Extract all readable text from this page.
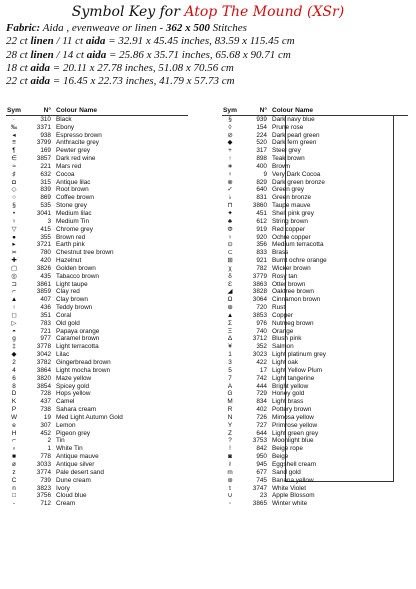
Symbol Key for Atop The Mound (XSr)
Fabric: Aida , evenweave or linen - 362 x 500 Stitches
22 ct linen / 11 ct aida = 32.91 x 45.45 inches, 83.59 x 115.45 cm
28 ct linen / 14 ct aida = 25.86 x 35.71 inches, 65.68 x 90.71 cm
18 ct aida = 20.11 x 27.78 inches, 51.08 x 70.56 cm
22 ct aida = 16.45 x 22.73 inches, 41.79 x 57.73 cm
Sym	N° Colour Name
·	310 Black
‰	3371 Ebony
◂	938 Espresso brown
≡	3799 Anthracite grey
¶	169 Pewter grey
∈	3857 Dark red wine
≈	221 Mars red
♯	632 Cocoa
◘	315 Antique lilac
◇	839 Root brown
○	869 Coffee brown
§	535 Stone grey
•	3041 Medium lilac
♀	3 Medium Tin
▽	415 Chrome grey
●	355 Brown red
▸	3721 Earth pink
≍	780 Chestnut tree brown
✚	420 Hazelnut
▢	3826 Golden brown
◎	435 Tabacco brown
⊐	3861 Light taupe
⌐	3859 Clay red
▲	407 Clay brown
↑	436 Teddy brown
◻	351 Coral
▷	783 Old gold
◓	721 Papaya orange
g	977 Caramel brown
‡	3778 Light terracotta
◆	3042 Lilac
2	3782 Gingerbread brown
4	3864 Light mocha brown
6	3820 Maze yellow
8	3854 Spicey gold
D	728 Hops yellow
K	437 Camel
P	738 Sahara cream
W	19 Med Light Autumn Gold
e	307 Lemon
H	452 Pigeon grey
⌐	2 Tin
⸗	1 White Tin
■	778 Antique mauve
ø	3033 Antique silver
z	3774 Pale desert sand
C	739 Dune cream
n	3823 Ivory
□	3756 Cloud blue
-	712 Cream
Sym	N° Colour Name
§	939 Dark navy blue
◊	154 Prune rose
⊘	224 Dark pearl green
◆	520 Dark fern green
+	317 Steel grey
↑	898 Teak brown
∗	400 Brown
♀	9 Very Dark Cocoa
⊗	829 Dark green bronze
✓	640 Green grey
♭	831 Green bronze
⊓	3860 Taupe mauve
✦	451 Shell pink grey
♣	612 String brown
Φ	919 Red copper
♀	920 Ochre copper
⊙	356 Medium terracotta
⊂	833 Brass
⊞	921 Burnt ochre orange
χ	782 Wicker brown
δ	3779 Rosy tan
Ɛ	3863 Otter brown
◢	3828 Oaktree brown
Ω	3064 Cinnamon brown
⊕	720 Rust
▲	3853 Copper
Σ	976 Nutmeg brown
Ξ	740 Orange
Δ	3712 Blush pink
¥	352 Salmon
1	3023 Light platinum grey
3	422 Light oak
5	17 Light Yellow Plum
7	742 Light tangerine
A	444 Bright yellow
G	729 Honey gold
M	834 Light brass
R	402 Pottery brown
N	726 Mimosa yellow
Y	727 Primrose yellow
Z	644 Light green grey
?	3753 Moonlight blue
!	842 Beige rope
◙	950 Beige
ł	945 Eggshell cream
m	677 Sand gold
⊛	745 Banana yellow
t	3747 White Violet
∪	23 Apple Blossom
◦	3865 Winter white
